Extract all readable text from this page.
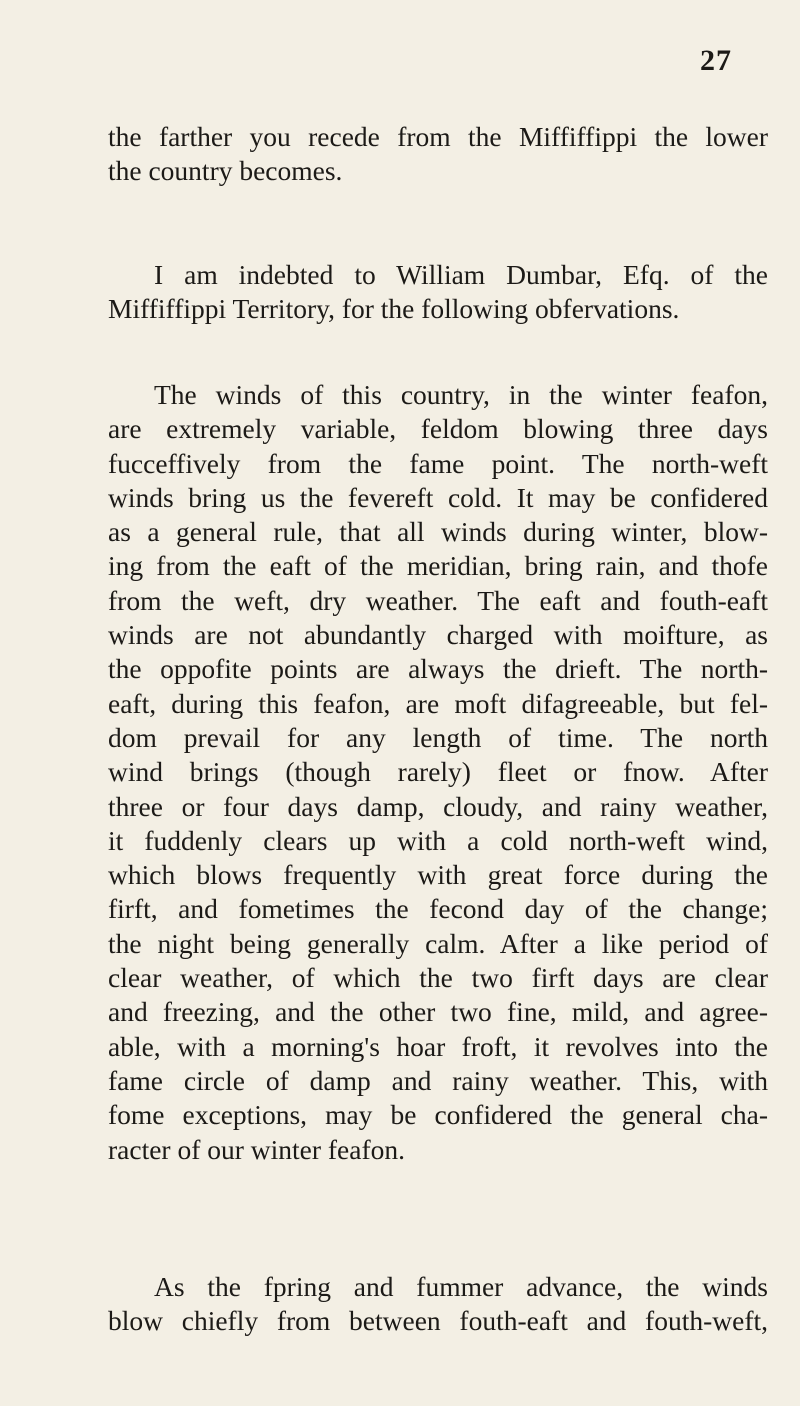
27
the farther you recede from the Miffiffippi the lower
the country becomes.
I am indebted to William Dumbar, Efq. of the
Miffiffippi Territory, for the following obfervations.
The winds of this country, in the winter feafon,
are extremely variable, feldom blowing three days
fucceffively from the fame point. The north-weft
winds bring us the fevereft cold. It may be confidered
as a general rule, that all winds during winter, blow-
ing from the eaft of the meridian, bring rain, and thofe
from the weft, dry weather. The eaft and fouth-eaft
winds are not abundantly charged with moifture, as
the oppofite points are always the drieft. The north-
eaft, during this feafon, are moft difagreeable, but fel-
dom prevail for any length of time. The north
wind brings (though rarely) fleet or fnow. After
three or four days damp, cloudy, and rainy weather,
it fuddenly clears up with a cold north-weft wind,
which blows frequently with great force during the
firft, and fometimes the fecond day of the change;
the night being generally calm. After a like period of
clear weather, of which the two firft days are clear
and freezing, and the other two fine, mild, and agree-
able, with a morning's hoar froft, it revolves into the
fame circle of damp and rainy weather. This, with
fome exceptions, may be confidered the general cha-
racter of our winter feafon.
As the fpring and fummer advance, the winds
blow chiefly from between fouth-eaft and fouth-weft,
